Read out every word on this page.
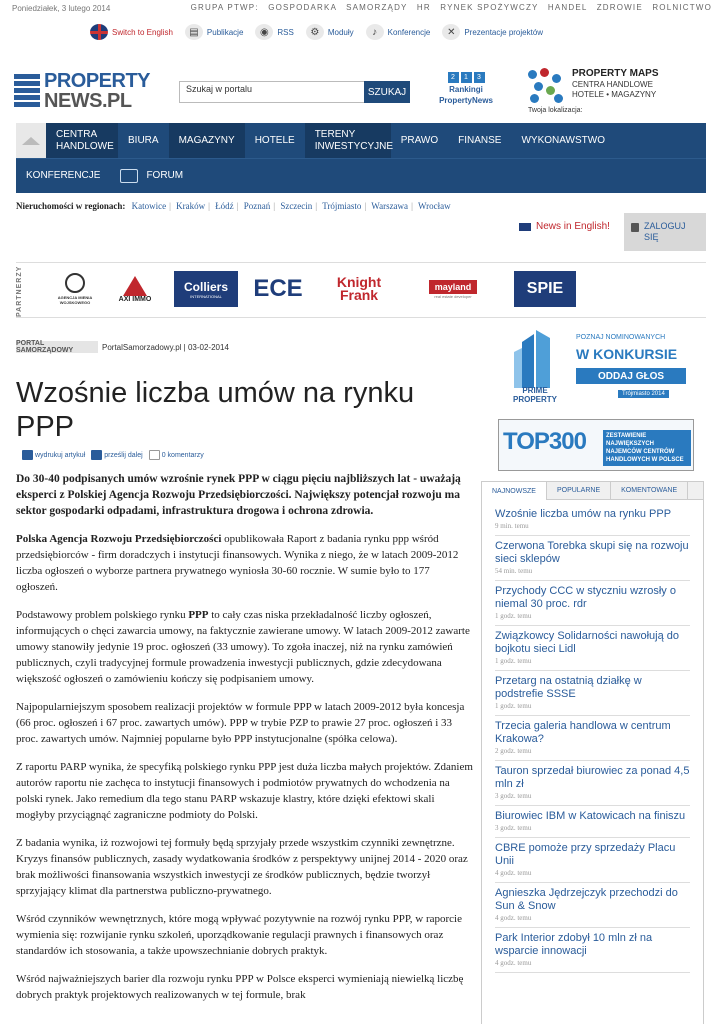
Poniedziałek, 3 lutego 2014	GRUPA PTWP: GOSPODARKA SAMORZĄDY HR RYNEK SPOŻYWCZY HANDEL ZDROWIE ROLNICTWO
Switch to English	▤	Publikacje	◉	RSS	⚙	Moduły	♪	Konferencje	✕	Prezentacje projektów
PROPERTY
NEWS.PL
Szukaj w portalu	SZUKAJ
2	1	3
Rankingi
PropertyNews
PROPERTY MAPS
CENTRA HANDLOWE
HOTELE • MAGAZYNY
Twoja lokalizacja:
CENTRA HANDLOWE
BIURA	MAGAZYNY	HOTELE
TERENY INWESTYCYJNE
PRAWO	FINANSE	WYKONAWSTWO
KONFERENCJE	FORUM
Nieruchomości w regionach: Katowice | Kraków | Łódź | Poznań | Szczecin | Trójmiasto | Warszawa | Wrocław
News in English!	ZALOGUJ
SIĘ
PARTNERZY	AGENCJA MIENIA WOJSKOWEGO	AXI IMMO
Colliers
INTERNATIONAL ECE	Knight Frank
mayland
real estate developer	SPIE
PORTAL SAMORZĄDOWY	PortalSamorzadowy.pl | 03-02-2014
Wzośnie liczba umów na rynku PPP
wydrukuj artykuł	prześlij dalej	0 komentarzy

Do 30-40 podpisanych umów wzrośnie rynek PPP w ciągu pięciu najbliższych lat - uważają eksperci z Polskiej Agencja Rozwoju Przedsiębiorczości. Największy potencjał rozwoju ma sektor gospodarki odpadami, infrastruktura drogowa i ochrona zdrowia.

Polska Agencja Rozwoju Przedsiębiorczości opublikowała Raport z badania rynku ppp wśród przedsiębiorców - firm doradczych i instytucji finansowych. Wynika z niego, że w latach 2009-2012 liczba ogłoszeń o wyborze partnera prywatnego wyniosła 30-60 rocznie. W sumie było to 177 ogłoszeń.

Podstawowy problem polskiego rynku PPP to cały czas niska przekładalność liczby ogłoszeń, informujących o chęci zawarcia umowy, na faktycznie zawierane umowy. W latach 2009-2012 zawarte umowy stanowiły jedynie 19 proc. ogłoszeń (33 umowy). To zgoła inaczej, niż na rynku zamówień publicznych, czyli tradycyjnej formule prowadzenia inwestycji publicznych, gdzie zdecydowana większość ogłoszeń o zamówieniu kończy się podpisaniem umowy.

Najpopularniejszym sposobem realizacji projektów w formule PPP w latach 2009-2012 była koncesja (66 proc. ogłoszeń i 67 proc. zawartych umów). PPP w trybie PZP to prawie 27 proc. ogłoszeń i 33 proc. zawartych umów. Najmniej popularne było PPP instytucjonalne (spółka celowa).

Z raportu PARP wynika, że specyfiką polskiego rynku PPP jest duża liczba małych projektów. Zdaniem autorów raportu nie zachęca to instytucji finansowych i podmiotów prywatnych do wchodzenia na polski rynek. Jako remedium dla tego stanu PARP wskazuje klastry, które dzięki efektowi skali mogłyby przyciągnąć zagraniczne podmioty do Polski.

Z badania wynika, iż rozwojowi tej formuły będą sprzyjały przede wszystkim czynniki zewnętrzne. Kryzys finansów publicznych, zasady wydatkowania środków z perspektywy unijnej 2014 - 2020 oraz brak możliwości finansowania wszystkich inwestycji ze środków publicznych, będzie tworzył sprzyjający klimat dla partnerstwa publiczno-prywatnego.

Wśród czynników wewnętrznych, które mogą wpływać pozytywnie na rozwój rynku PPP, w raporcie wymienia się: rozwijanie rynku szkoleń, uporządkowanie regulacji prawnych i finansowych oraz standardów ich stosowania, a także upowszechnianie dobrych praktyk.

Wśród najważniejszych barier dla rozwoju rynku PPP w Polsce eksperci wymieniają niewielką liczbę dobrych praktyk projektowych realizowanych w tej formule, brak

PRIME
PROPERTY
POZNAJ NOMINOWANYCH
W KONKURSIE
ODDAJ GŁOS
Trójmiasto 2014
TOP300	ZESTAWIENIE NAJWIĘKSZYCH NAJEMCÓW CENTRÓW HANDLOWYCH W POLSCE
NAJNOWSZE	POPULARNE	KOMENTOWANE
Wzośnie liczba umów na rynku PPP
9 min. temu
Czerwona Torebka skupi się na rozwoju sieci sklepów
54 min. temu
Przychody CCC w styczniu wzrosły o niemal 30 proc. rdr
1 godz. temu
Związkowcy Solidarności nawołują do bojkotu sieci Lidl
1 godz. temu
Przetarg na ostatnią działkę w podstrefie SSSE
1 godz. temu
Trzecia galeria handlowa w centrum Krakowa?
2 godz. temu
Tauron sprzedał biurowiec za ponad 4,5 mln zł
3 godz. temu
Biurowiec IBM w Katowicach na finiszu
3 godz. temu
CBRE pomoże przy sprzedaży Placu Unii
4 godz. temu
Agnieszka Jędrzejczyk przechodzi do Sun & Snow
4 godz. temu
Park Interior zdobył 10 mln zł na wsparcie innowacji
4 godz. temu
